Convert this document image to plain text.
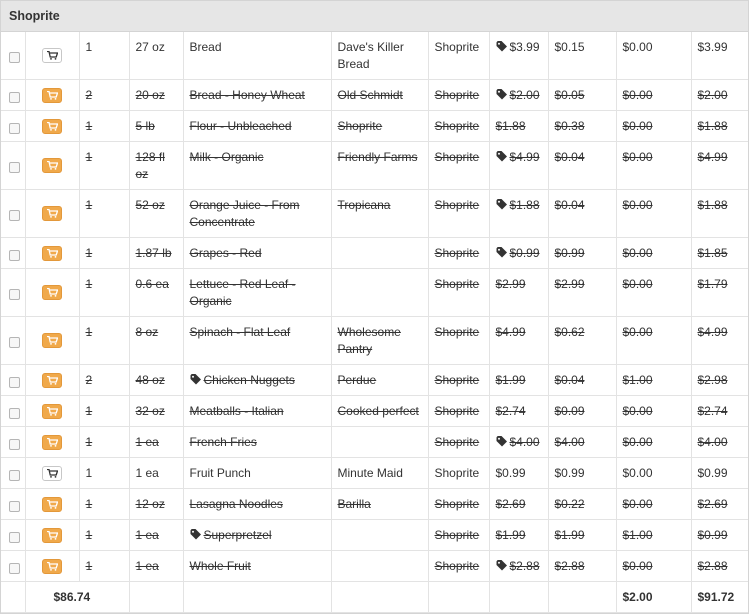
Shoprite

	1	27 oz	Bread	Dave's Killer Bread	Shoprite	$3.99	$0.15	$0.00	$3.99

	2	20 oz	Bread - Honey Wheat	Old Schmidt	Shoprite	$2.00	$0.05	$0.00	$2.00

	1	5 lb	Flour - Unbleached	Shoprite	Shoprite	$1.88	$0.38	$0.00	$1.88

	1	128 fl oz	Milk - Organic	Friendly Farms	Shoprite	$4.99	$0.04	$0.00	$4.99

	1	52 oz	Orange Juice - From Concentrate	Tropicana	Shoprite	$1.88	$0.04	$0.00	$1.88

	1	1.87 lb	Grapes - Red		Shoprite	$0.99	$0.99	$0.00	$1.85

	1	0.6 ea	Lettuce - Red Leaf - Organic		Shoprite	$2.99	$2.99	$0.00	$1.79

	1	8 oz	Spinach - Flat Leaf	Wholesome Pantry	Shoprite	$4.99	$0.62	$0.00	$4.99

	2	48 oz	Chicken Nuggets	Perdue	Shoprite	$1.99	$0.04	$1.00	$2.98

	1	32 oz	Meatballs - Italian	Cooked perfect	Shoprite	$2.74	$0.09	$0.00	$2.74

	1	1 ea	French Fries		Shoprite	$4.00	$4.00	$0.00	$4.00

	1	1 ea	Fruit Punch	Minute Maid	Shoprite	$0.99	$0.99	$0.00	$0.99

	1	12 oz	Lasagna Noodles	Barilla	Shoprite	$2.69	$0.22	$0.00	$2.69

	1	1 ea	Superpretzel		Shoprite	$1.99	$1.99	$1.00	$0.99

	1	1 ea	Whole Fruit		Shoprite	$2.88	$2.88	$0.00	$2.88
	$86.74								$2.00	$91.72
